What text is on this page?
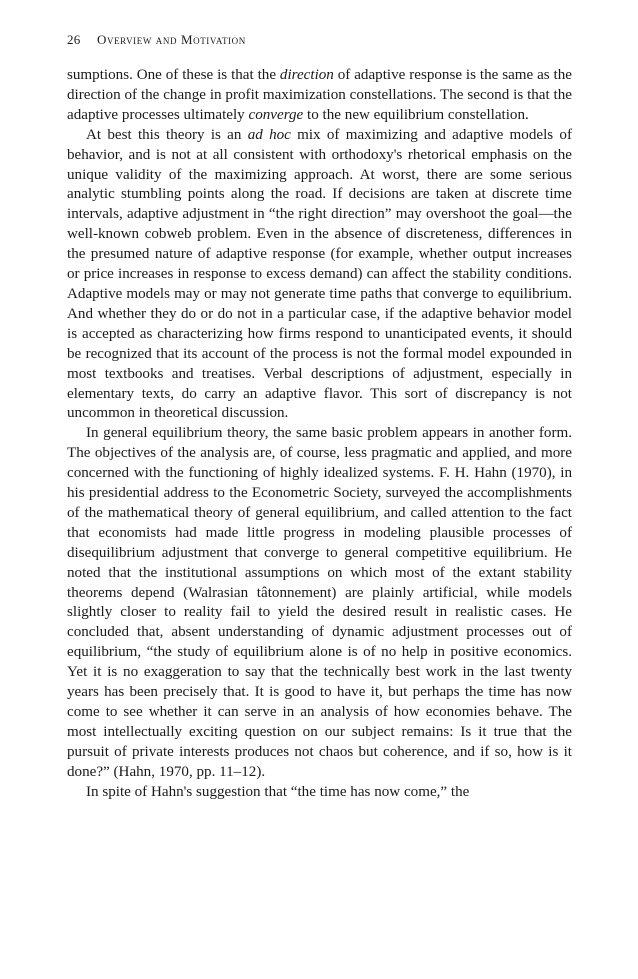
26 Overview and Motivation

sumptions. One of these is that the direction of adaptive response is the same as the direction of the change in profit maximization constellations. The second is that the adaptive processes ultimately converge to the new equilibrium constellation.

At best this theory is an ad hoc mix of maximizing and adaptive models of behavior, and is not at all consistent with orthodoxy's rhetorical emphasis on the unique validity of the maximizing approach. At worst, there are some serious analytic stumbling points along the road. If decisions are taken at discrete time intervals, adaptive adjustment in “the right direction” may overshoot the goal—the well-known cobweb problem. Even in the absence of discreteness, differences in the presumed nature of adaptive response (for example, whether output increases or price increases in response to excess demand) can affect the stability conditions. Adaptive models may or may not generate time paths that converge to equilibrium. And whether they do or do not in a particular case, if the adaptive behavior model is accepted as characterizing how firms respond to unanticipated events, it should be recognized that its account of the process is not the formal model expounded in most textbooks and treatises. Verbal descriptions of adjustment, especially in elementary texts, do carry an adaptive flavor. This sort of discrepancy is not uncommon in theoretical discussion.

In general equilibrium theory, the same basic problem appears in another form. The objectives of the analysis are, of course, less pragmatic and applied, and more concerned with the functioning of highly idealized systems. F. H. Hahn (1970), in his presidential address to the Econometric Society, surveyed the accomplishments of the mathematical theory of general equilibrium, and called attention to the fact that economists had made little progress in modeling plausible processes of disequilibrium adjustment that converge to general competitive equilibrium. He noted that the institutional assumptions on which most of the extant stability theorems depend (Walrasian tâtonnement) are plainly artificial, while models slightly closer to reality fail to yield the desired result in realistic cases. He concluded that, absent understanding of dynamic adjustment processes out of equilibrium, “the study of equilibrium alone is of no help in positive economics. Yet it is no exaggeration to say that the technically best work in the last twenty years has been precisely that. It is good to have it, but perhaps the time has now come to see whether it can serve in an analysis of how economies behave. The most intellectually exciting question on our subject remains: Is it true that the pursuit of private interests produces not chaos but coherence, and if so, how is it done?” (Hahn, 1970, pp. 11–12).

In spite of Hahn's suggestion that “the time has now come,” the
